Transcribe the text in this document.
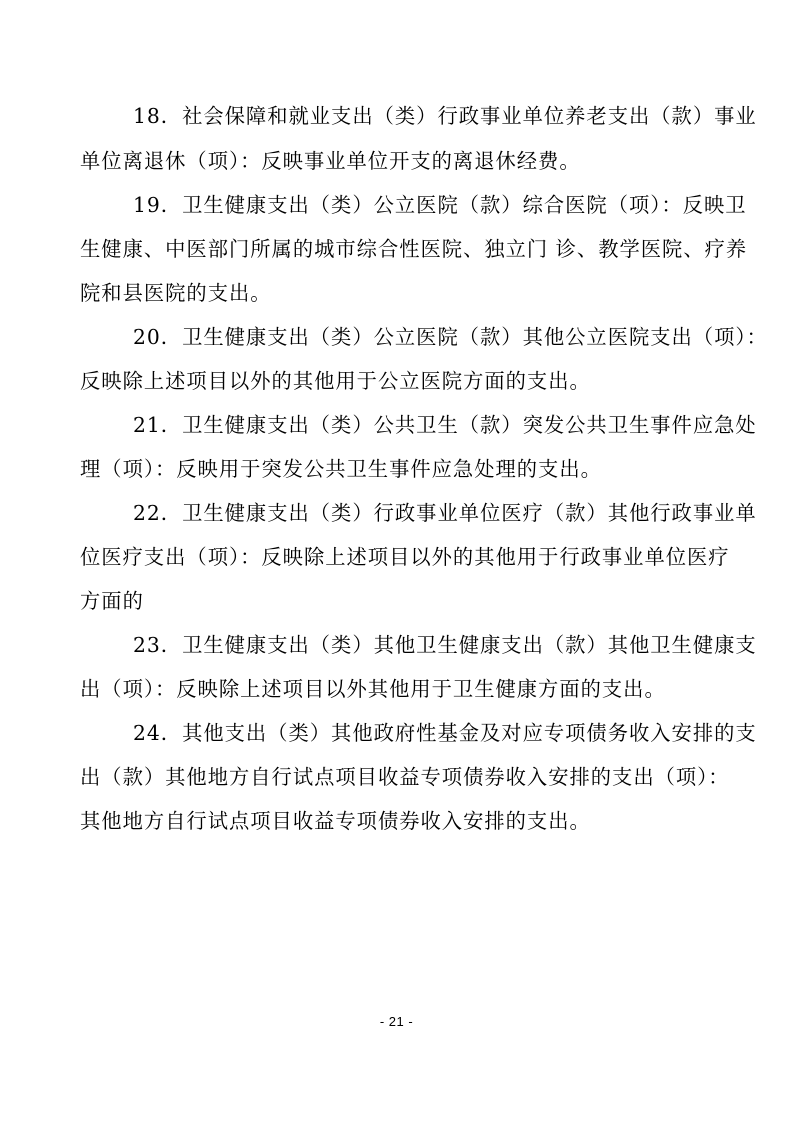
18．社会保障和就业支出（类）行政事业单位养老支出（款）事业
单位离退休（项）：反映事业单位开支的离退休经费。
19．卫生健康支出（类）公立医院（款）综合医院（项）：反映卫
生健康、中医部门所属的城市综合性医院、独立门 诊、教学医院、疗养
院和县医院的支出。
20．卫生健康支出（类）公立医院（款）其他公立医院支出（项）：
反映除上述项目以外的其他用于公立医院方面的支出。
21．卫生健康支出（类）公共卫生（款）突发公共卫生事件应急处
理（项）：反映用于突发公共卫生事件应急处理的支出。
22．卫生健康支出（类）行政事业单位医疗（款）其他行政事业单
位医疗支出（项）：反映除上述项目以外的其他用于行政事业单位医疗
方面的
23．卫生健康支出（类）其他卫生健康支出（款）其他卫生健康支
出（项）：反映除上述项目以外其他用于卫生健康方面的支出。
24．其他支出（类）其他政府性基金及对应专项债务收入安排的支
出（款）其他地方自行试点项目收益专项债券收入安排的支出（项）：
其他地方自行试点项目收益专项债券收入安排的支出。
- 21 -
